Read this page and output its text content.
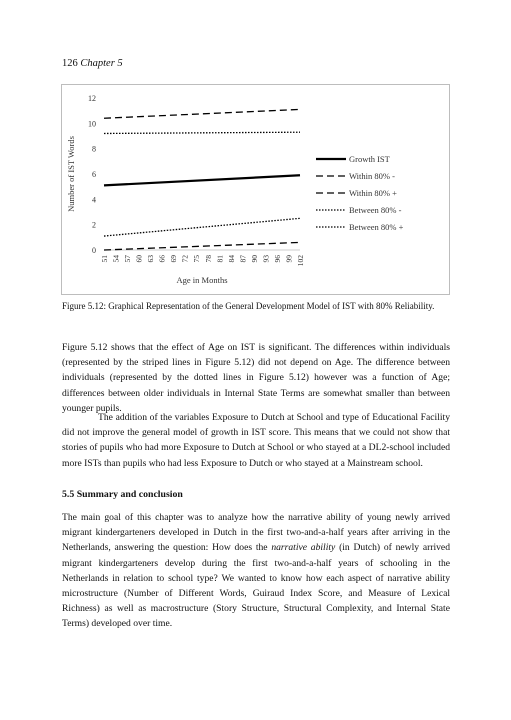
126 Chapter 5
0
2
4
6
8
10
12
51 54 57 60 63 66 69 72 75 78 81 84 87 90 93 96 99 102
Age in Months
Number of IST Words	Growth IST
Within 80% -
Within 80% +
Between 80% -
Between 80% +
Figure 5.12: Graphical Representation of the General Development Model of IST with 80% Reliability.

Figure 5.12 shows that the effect of Age on IST is significant. The differences within individuals (represented by the striped lines in Figure 5.12) did not depend on Age. The difference between individuals (represented by the dotted lines in Figure 5.12) however was a function of Age; differences between older individuals in Internal State Terms are somewhat smaller than between younger pupils.

The addition of the variables Exposure to Dutch at School and type of Educational Facility did not improve the general model of growth in IST score. This means that we could not show that stories of pupils who had more Exposure to Dutch at School or who stayed at a DL2-school included more ISTs than pupils who had less Exposure to Dutch or who stayed at a Mainstream school.

5.5 Summary and conclusion

The main goal of this chapter was to analyze how the narrative ability of young newly arrived migrant kindergarteners developed in Dutch in the first two-and-a-half years after arriving in the Netherlands, answering the question: How does the narrative ability (in Dutch) of newly arrived migrant kindergarteners develop during the first two-and-a-half years of schooling in the Netherlands in relation to school type? We wanted to know how each aspect of narrative ability microstructure (Number of Different Words, Guiraud Index Score, and Measure of Lexical Richness) as well as macrostructure (Story Structure, Structural Complexity, and Internal State Terms) developed over time.
